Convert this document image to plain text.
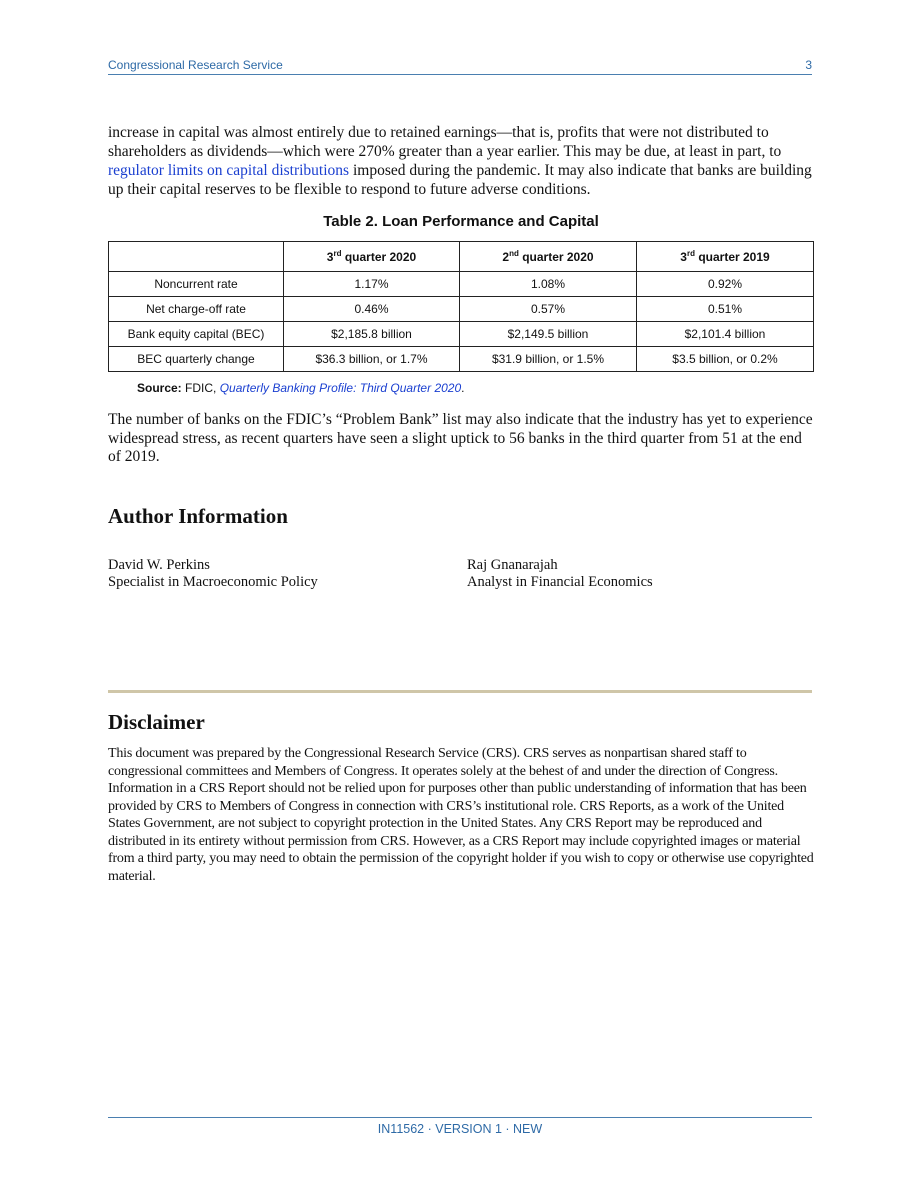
Congressional Research Service	3
increase in capital was almost entirely due to retained earnings—that is, profits that were not distributed to shareholders as dividends—which were 270% greater than a year earlier. This may be due, at least in part, to regulator limits on capital distributions imposed during the pandemic. It may also indicate that banks are building up their capital reserves to be flexible to respond to future adverse conditions.
Table 2. Loan Performance and Capital
	3rd quarter 2020	2nd quarter 2020	3rd quarter 2019
Noncurrent rate	1.17%	1.08%	0.92%
Net charge-off rate	0.46%	0.57%	0.51%
Bank equity capital (BEC)	$2,185.8 billion	$2,149.5 billion	$2,101.4 billion
BEC quarterly change	$36.3 billion, or 1.7%	$31.9 billion, or 1.5%	$3.5 billion, or 0.2%
Source: FDIC, Quarterly Banking Profile: Third Quarter 2020.
The number of banks on the FDIC’s “Problem Bank” list may also indicate that the industry has yet to experience widespread stress, as recent quarters have seen a slight uptick to 56 banks in the third quarter from 51 at the end of 2019.
Author Information
David W. Perkins
Specialist in Macroeconomic Policy
Raj Gnanarajah
Analyst in Financial Economics
Disclaimer
This document was prepared by the Congressional Research Service (CRS). CRS serves as nonpartisan shared staff to congressional committees and Members of Congress. It operates solely at the behest of and under the direction of Congress. Information in a CRS Report should not be relied upon for purposes other than public understanding of information that has been provided by CRS to Members of Congress in connection with CRS’s institutional role. CRS Reports, as a work of the United States Government, are not subject to copyright protection in the United States. Any CRS Report may be reproduced and distributed in its entirety without permission from CRS. However, as a CRS Report may include copyrighted images or material from a third party, you may need to obtain the permission of the copyright holder if you wish to copy or otherwise use copyrighted material.
IN11562 · VERSION 1 · NEW
